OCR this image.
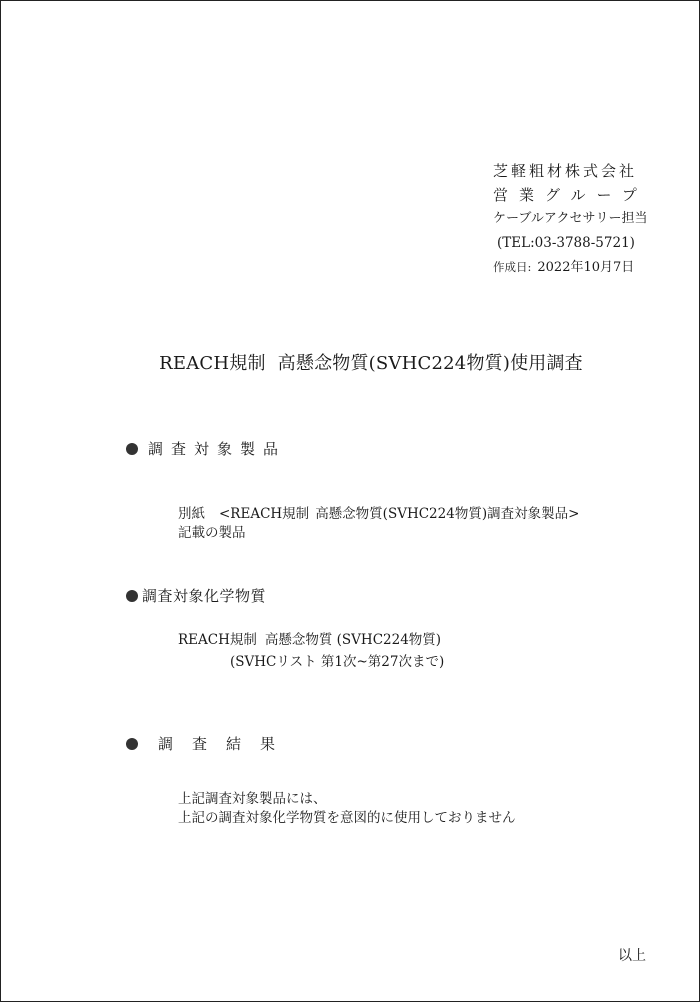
芝軽粗材株式会社
営業グループ
ケーブルアクセサリー担当
(TEL:03-3788-5721)
作成日: 2022年10月7日
REACH規制 高懸念物質(SVHC224物質)使用調査
調査対象製品
別紙 <REACH規制 高懸念物質(SVHC224物質)調査対象製品>
記載の製品
調査対象化学物質
REACH規制 高懸念物質 (SVHC224物質)
(SVHCリスト 第1次~第27次まで)
調査結果
上記調査対象製品には、
上記の調査対象化学物質を意図的に使用しておりません
以上
